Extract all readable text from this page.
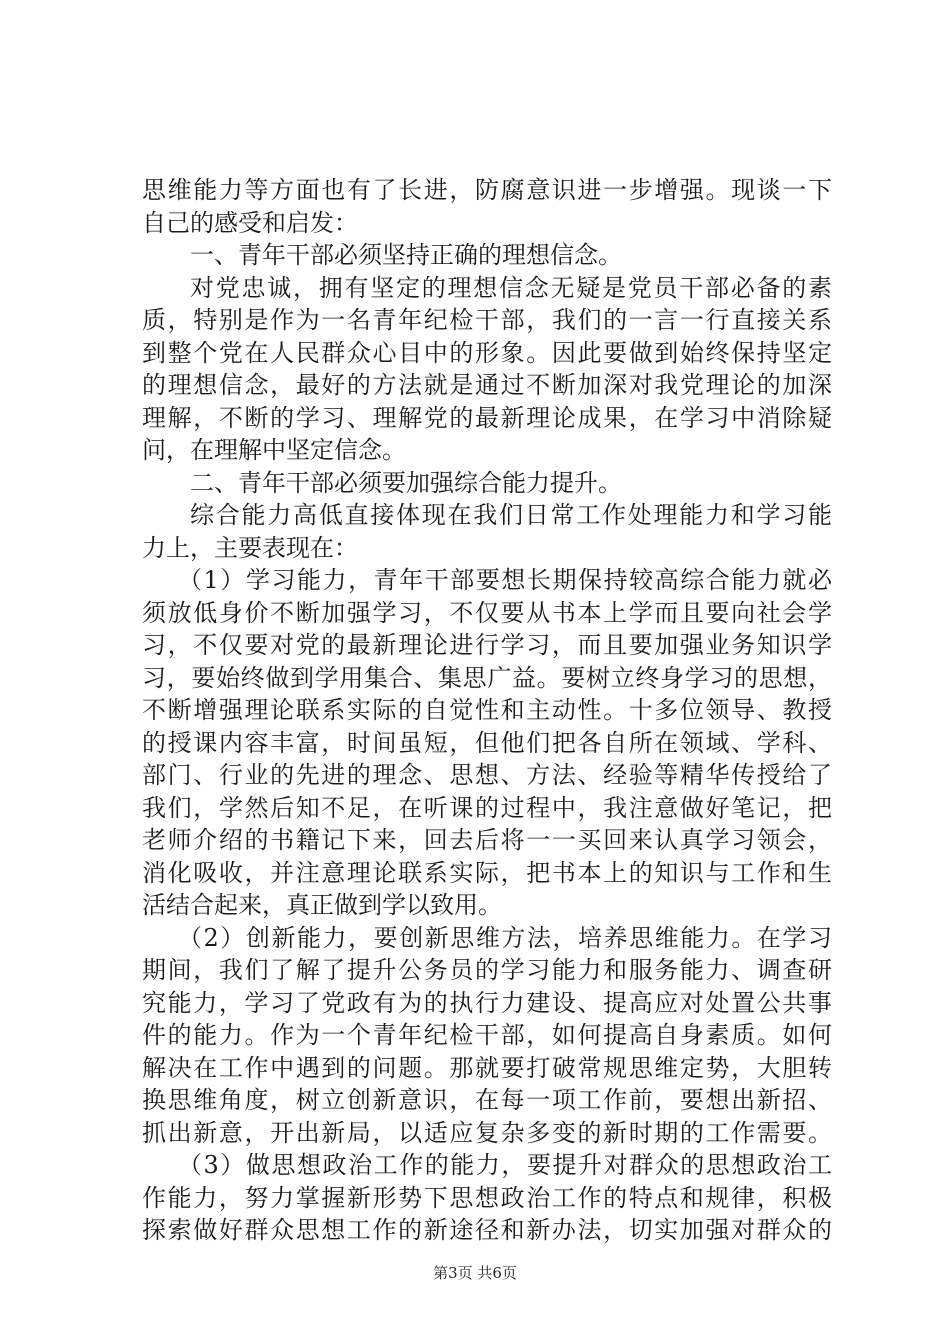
思维能力等方面也有了长进，防腐意识进一步增强。现谈一下
自己的感受和启发：
一、青年干部必须坚持正确的理想信念。
对党忠诚，拥有坚定的理想信念无疑是党员干部必备的素
质，特别是作为一名青年纪检干部，我们的一言一行直接关系
到整个党在人民群众心目中的形象。因此要做到始终保持坚定
的理想信念，最好的方法就是通过不断加深对我党理论的加深
理解，不断的学习、理解党的最新理论成果，在学习中消除疑
问，在理解中坚定信念。
二、青年干部必须要加强综合能力提升。
综合能力高低直接体现在我们日常工作处理能力和学习能
力上，主要表现在：
（1）学习能力，青年干部要想长期保持较高综合能力就必
须放低身价不断加强学习，不仅要从书本上学而且要向社会学
习，不仅要对党的最新理论进行学习，而且要加强业务知识学
习，要始终做到学用集合、集思广益。要树立终身学习的思想，
不断增强理论联系实际的自觉性和主动性。十多位领导、教授
的授课内容丰富，时间虽短，但他们把各自所在领域、学科、
部门、行业的先进的理念、思想、方法、经验等精华传授给了
我们，学然后知不足，在听课的过程中，我注意做好笔记，把
老师介绍的书籍记下来，回去后将一一买回来认真学习领会，
消化吸收，并注意理论联系实际，把书本上的知识与工作和生
活结合起来，真正做到学以致用。
（2）创新能力，要创新思维方法，培养思维能力。在学习
期间，我们了解了提升公务员的学习能力和服务能力、调查研
究能力，学习了党政有为的执行力建设、提高应对处置公共事
件的能力。作为一个青年纪检干部，如何提高自身素质。如何
解决在工作中遇到的问题。那就要打破常规思维定势，大胆转
换思维角度，树立创新意识，在每一项工作前，要想出新招、
抓出新意，开出新局，以适应复杂多变的新时期的工作需要。
（3）做思想政治工作的能力，要提升对群众的思想政治工
作能力，努力掌握新形势下思想政治工作的特点和规律，积极
探索做好群众思想工作的新途径和新办法，切实加强对群众的
第3页 共6页
